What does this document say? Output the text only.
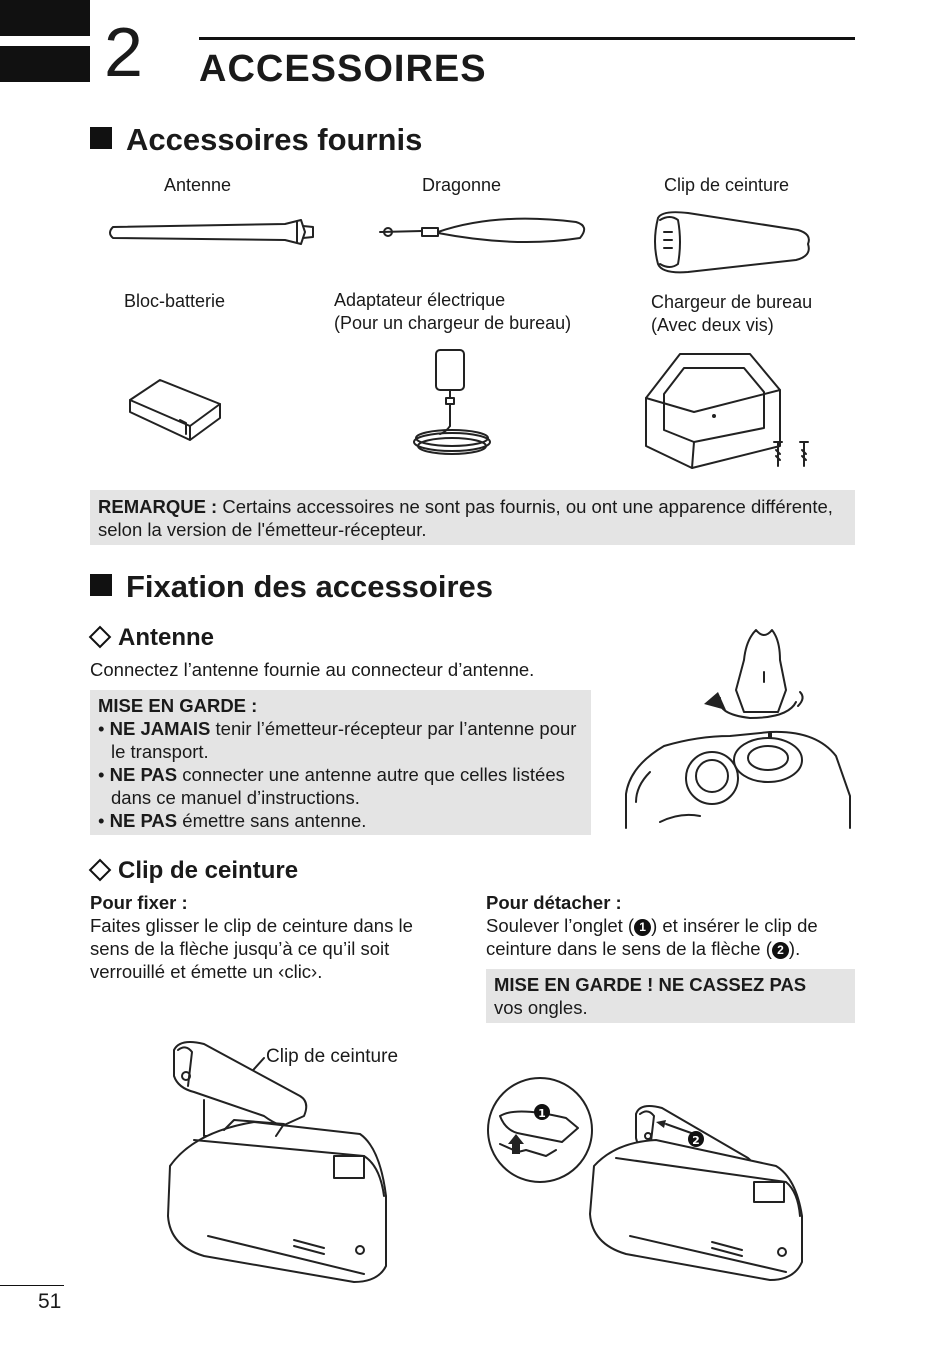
2 ACCESSOIRES
Accessoires fournis
Antenne	Dragonne	Clip de ceinture
Bloc-batterie	Adaptateur électrique
(Pour un chargeur de bureau)
Chargeur de bureau
(Avec deux vis)
REMARQUE : Certains accessoires ne sont pas fournis, ou ont une apparence différente, selon la version de l'émetteur-récepteur.
Fixation des accessoires
Antenne
Connectez l’antenne fournie au connecteur d’antenne.
MISE EN GARDE :
• NE JAMAIS tenir l’émetteur-récepteur par l’antenne pour le transport.
• NE PAS connecter une antenne autre que celles listées dans ce manuel d’instructions.
• NE PAS émettre sans antenne.
Clip de ceinture
Pour fixer :
Faites glisser le clip de ceinture dans le sens de la flèche jusqu’à ce qu’il soit verrouillé et émette un ‹clic›.
Pour détacher :
Soulever l’onglet ( 1 ) et insérer le clip de ceinture dans le sens de la flèche ( 2 ).
MISE EN GARDE ! NE CASSEZ PAS
vos ongles.
Clip de ceinture
1
2
51
